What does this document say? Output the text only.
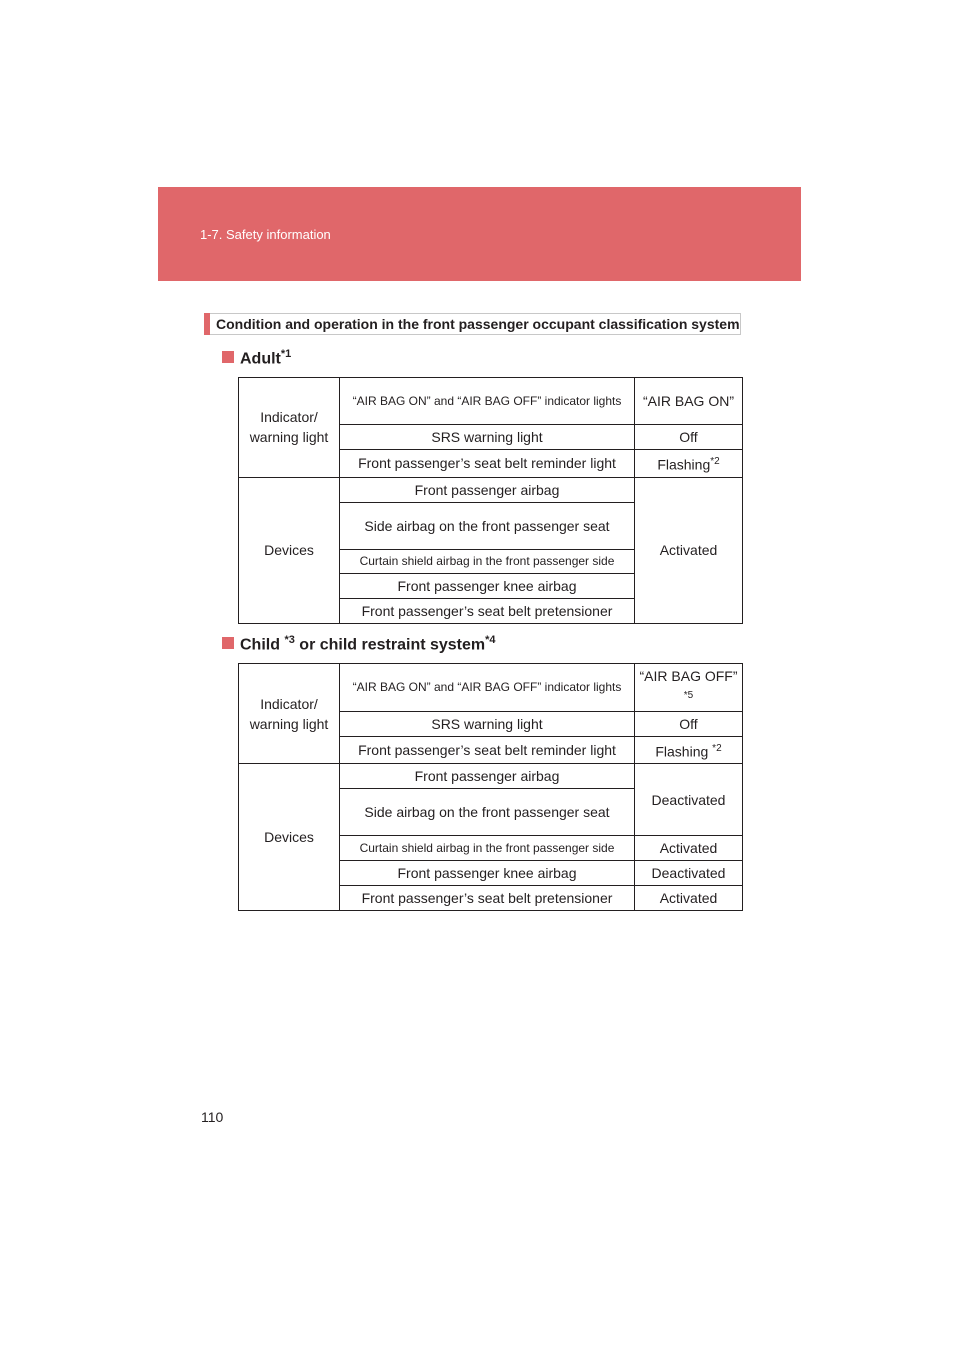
1-7. Safety information
Condition and operation in the front passenger occupant classification system
Adult$^{*1}$
Indicator/ warning light	“AIR BAG ON” and “AIR BAG OFF” indicator lights	“AIR BAG ON”
	SRS warning light	Off
	Front passenger’s seat belt reminder light	Flashing$^{*2}$
Devices	Front passenger airbag	Activated
	Side airbag on the front passenger seat	
	Curtain shield airbag in the front passenger side	
	Front passenger knee airbag	
	Front passenger’s seat belt pretensioner	
Child $^{*3}$ or child restraint system$^{*4}$
Indicator/ warning light	“AIR BAG ON” and “AIR BAG OFF” indicator lights	“AIR BAG OFF” $^{*5}$
	SRS warning light	Off
	Front passenger’s seat belt reminder light	Flashing $^{*2}$
Devices	Front passenger airbag	Deactivated
	Side airbag on the front passenger seat	
	Curtain shield airbag in the front passenger side	Activated
	Front passenger knee airbag	Deactivated
	Front passenger’s seat belt pretensioner	Activated
110
